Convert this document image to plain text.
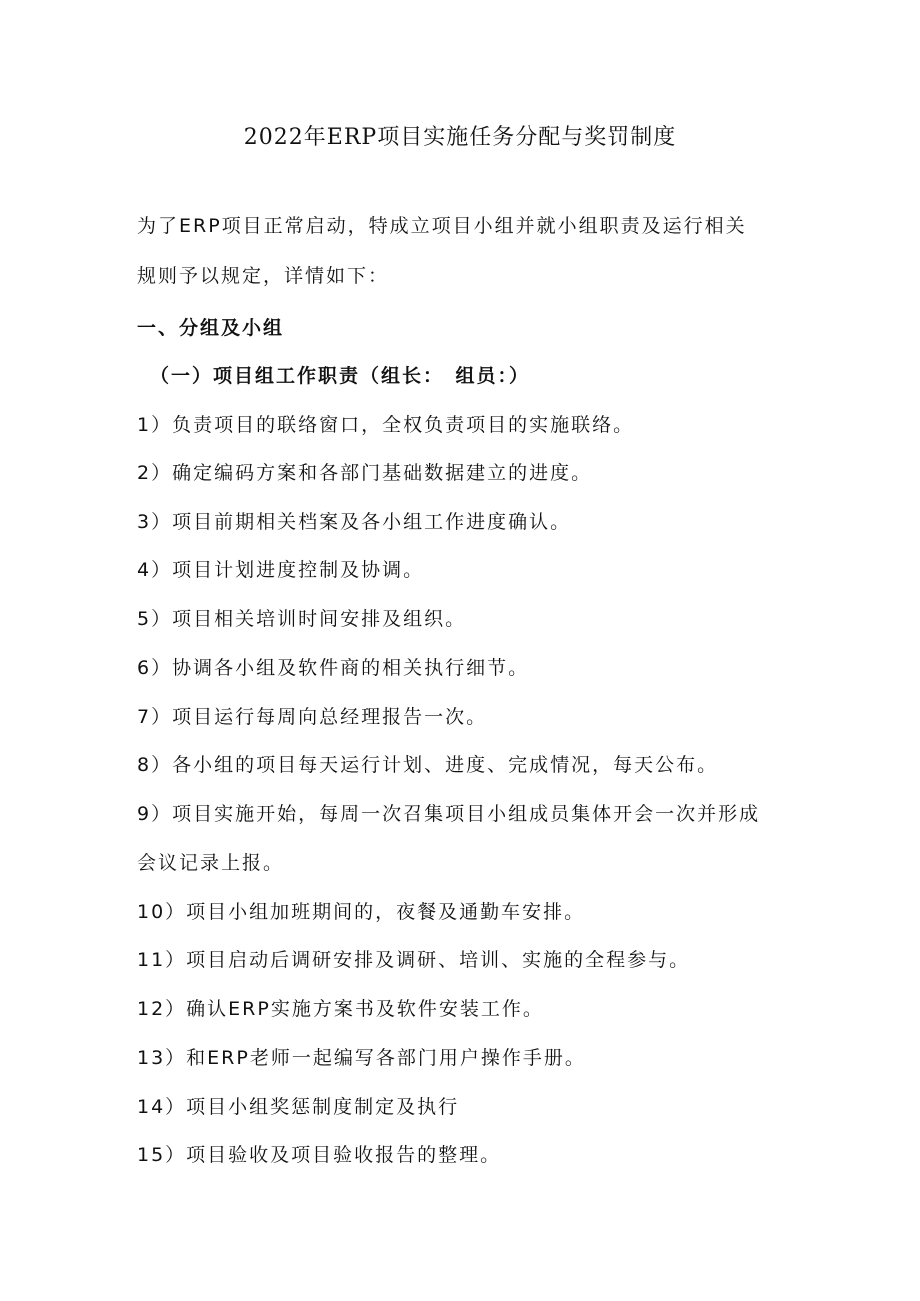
2022年ERP项目实施任务分配与奖罚制度
为了ERP项目正常启动，特成立项目小组并就小组职责及运行相关
规则予以规定，详情如下：
一、分组及小组
（一）项目组工作职责（组长：　组员：）
1）负责项目的联络窗口，全权负责项目的实施联络。
2）确定编码方案和各部门基础数据建立的进度。
3）项目前期相关档案及各小组工作进度确认。
4）项目计划进度控制及协调。
5）项目相关培训时间安排及组织。
6）协调各小组及软件商的相关执行细节。
7）项目运行每周向总经理报告一次。
8）各小组的项目每天运行计划、进度、完成情况，每天公布。
9）项目实施开始，每周一次召集项目小组成员集体开会一次并形成
会议记录上报。
10）项目小组加班期间的，夜餐及通勤车安排。
11）项目启动后调研安排及调研、培训、实施的全程参与。
12）确认ERP实施方案书及软件安装工作。
13）和ERP老师一起编写各部门用户操作手册。
14）项目小组奖惩制度制定及执行
15）项目验收及项目验收报告的整理。
